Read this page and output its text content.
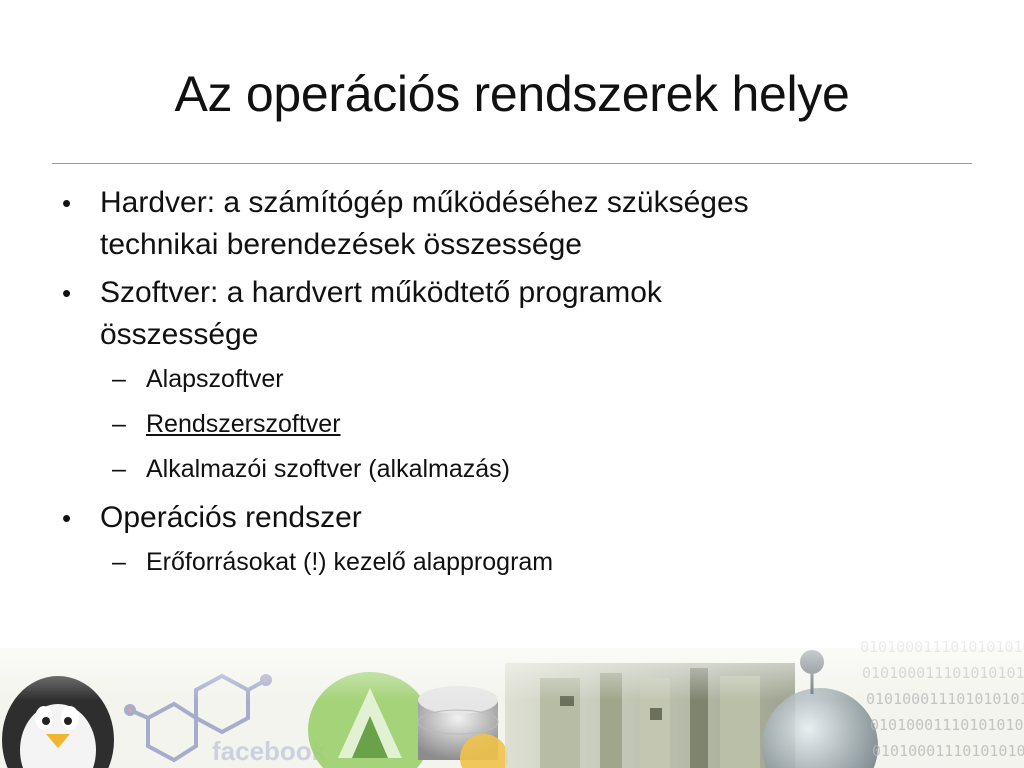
Az operációs rendszerek helye
• Hardver: a számítógép működéséhez szükséges
technikai berendezések összessége
• Szoftver: a hardvert működtető programok
összessége
– Alapszoftver
– Rendszerszoftver
– Alkalmazói szoftver (alkalmazás)
• Operációs rendszer
– Erőforrásokat (!) kezelő alapprogram
